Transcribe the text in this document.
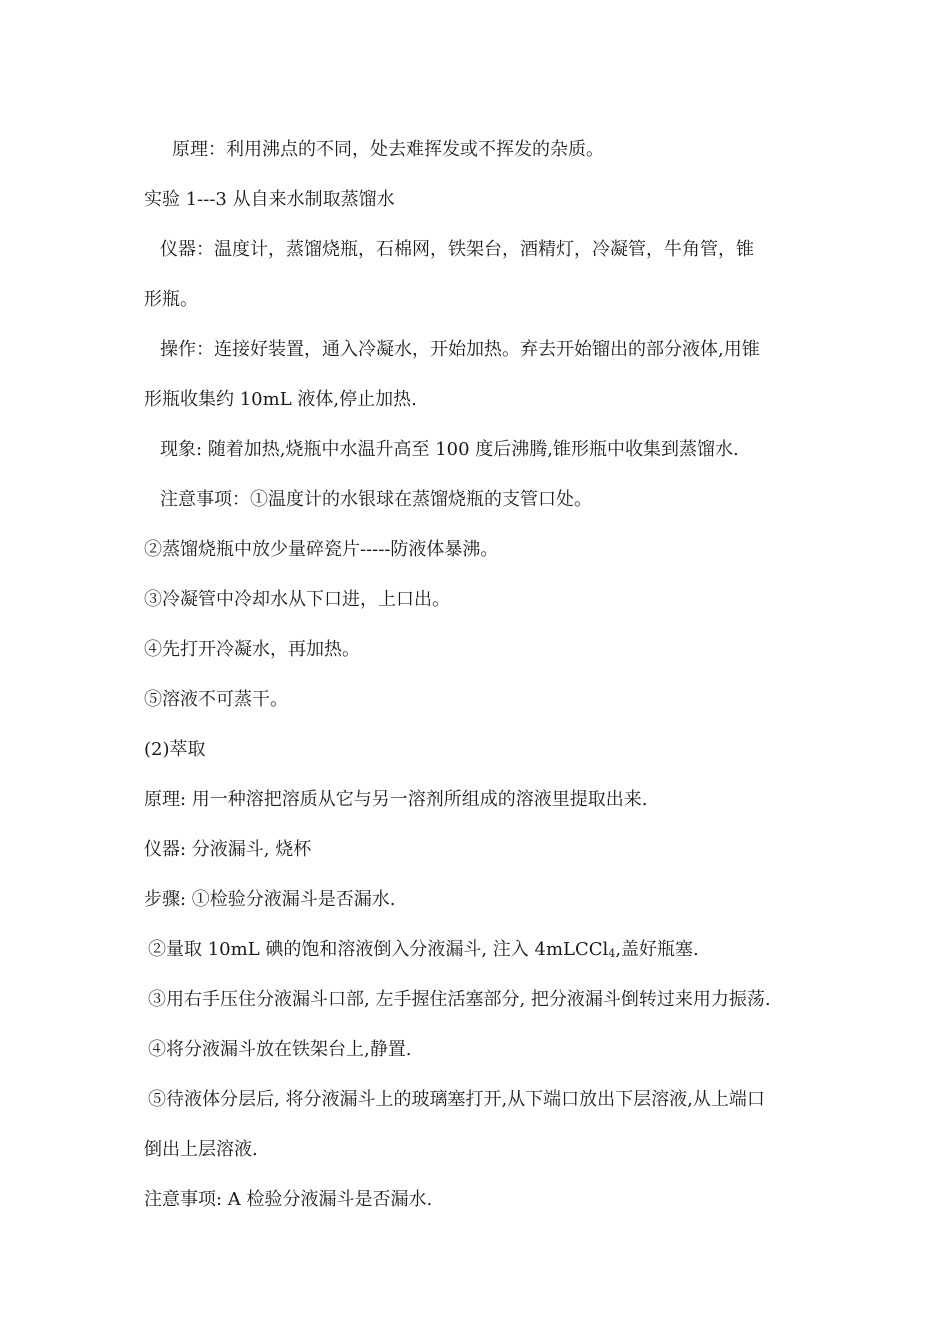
原理：利用沸点的不同，处去难挥发或不挥发的杂质。
实验 1---3 从自来水制取蒸馏水
仪器：温度计，蒸馏烧瓶，石棉网，铁架台，酒精灯，冷凝管，牛角管，锥
形瓶。
操作：连接好装置，通入冷凝水，开始加热。弃去开始镏出的部分液体,用锥
形瓶收集约 10mL 液体,停止加热.
现象: 随着加热,烧瓶中水温升高至 100 度后沸腾,锥形瓶中收集到蒸馏水.
注意事项：①温度计的水银球在蒸馏烧瓶的支管口处。
②蒸馏烧瓶中放少量碎瓷片-----防液体暴沸。
③冷凝管中冷却水从下口进，上口出。
④先打开冷凝水，再加热。
⑤溶液不可蒸干。
(2)萃取
原理: 用一种溶把溶质从它与另一溶剂所组成的溶液里提取出来.
仪器: 分液漏斗, 烧杯
步骤: ①检验分液漏斗是否漏水.
②量取 10mL 碘的饱和溶液倒入分液漏斗, 注入 4mLCCl$_4$,盖好瓶塞.
③用右手压住分液漏斗口部, 左手握住活塞部分, 把分液漏斗倒转过来用力振荡.
④将分液漏斗放在铁架台上,静置.
⑤待液体分层后, 将分液漏斗上的玻璃塞打开,从下端口放出下层溶液,从上端口
倒出上层溶液.
注意事项: A 检验分液漏斗是否漏水.
